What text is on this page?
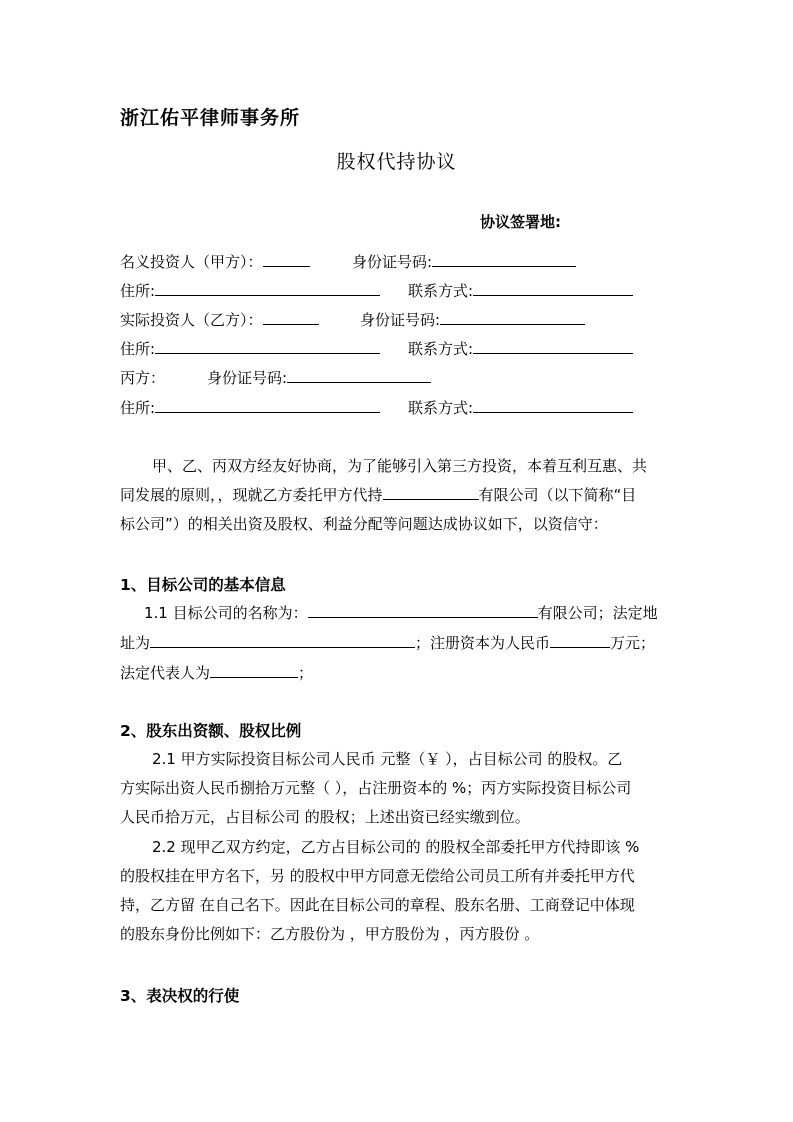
浙江佑平律师事务所
股权代持协议
协议签署地:
名义投资人（甲方）：	身份证号码:
住所:	联系方式:
实际投资人（乙方）：	身份证号码:
住所:	联系方式:
丙方：	身份证号码:
住所:	联系方式:
甲、乙、丙双方经友好协商，为了能够引入第三方投资，本着互利互惠、共
同发展的原则，，现就乙方委托甲方代持	有限公司（以下简称“目
标公司”）的相关出资及股权、利益分配等问题达成协议如下，以资信守：
1、目标公司的基本信息
1.1 目标公司的名称为：	有限公司；法定地
址为	；注册资本为人民币	万元；
法定代表人为	；
2、股东出资额、股权比例
2.1 甲方实际投资目标公司人民币 元整（￥ ），占目标公司 的股权。乙
方实际出资人民币捌拾万元整（ ），占注册资本的 %；丙方实际投资目标公司
人民币拾万元，占目标公司 的股权；上述出资已经实缴到位。
2.2 现甲乙双方约定，乙方占目标公司的 的股权全部委托甲方代持即该 %
的股权挂在甲方名下，另 的股权中甲方同意无偿给公司员工所有并委托甲方代
持，乙方留 在自己名下。因此在目标公司的章程、股东名册、工商登记中体现
的股东身份比例如下：乙方股份为 ，甲方股份为 ，丙方股份 。
3、表决权的行使
